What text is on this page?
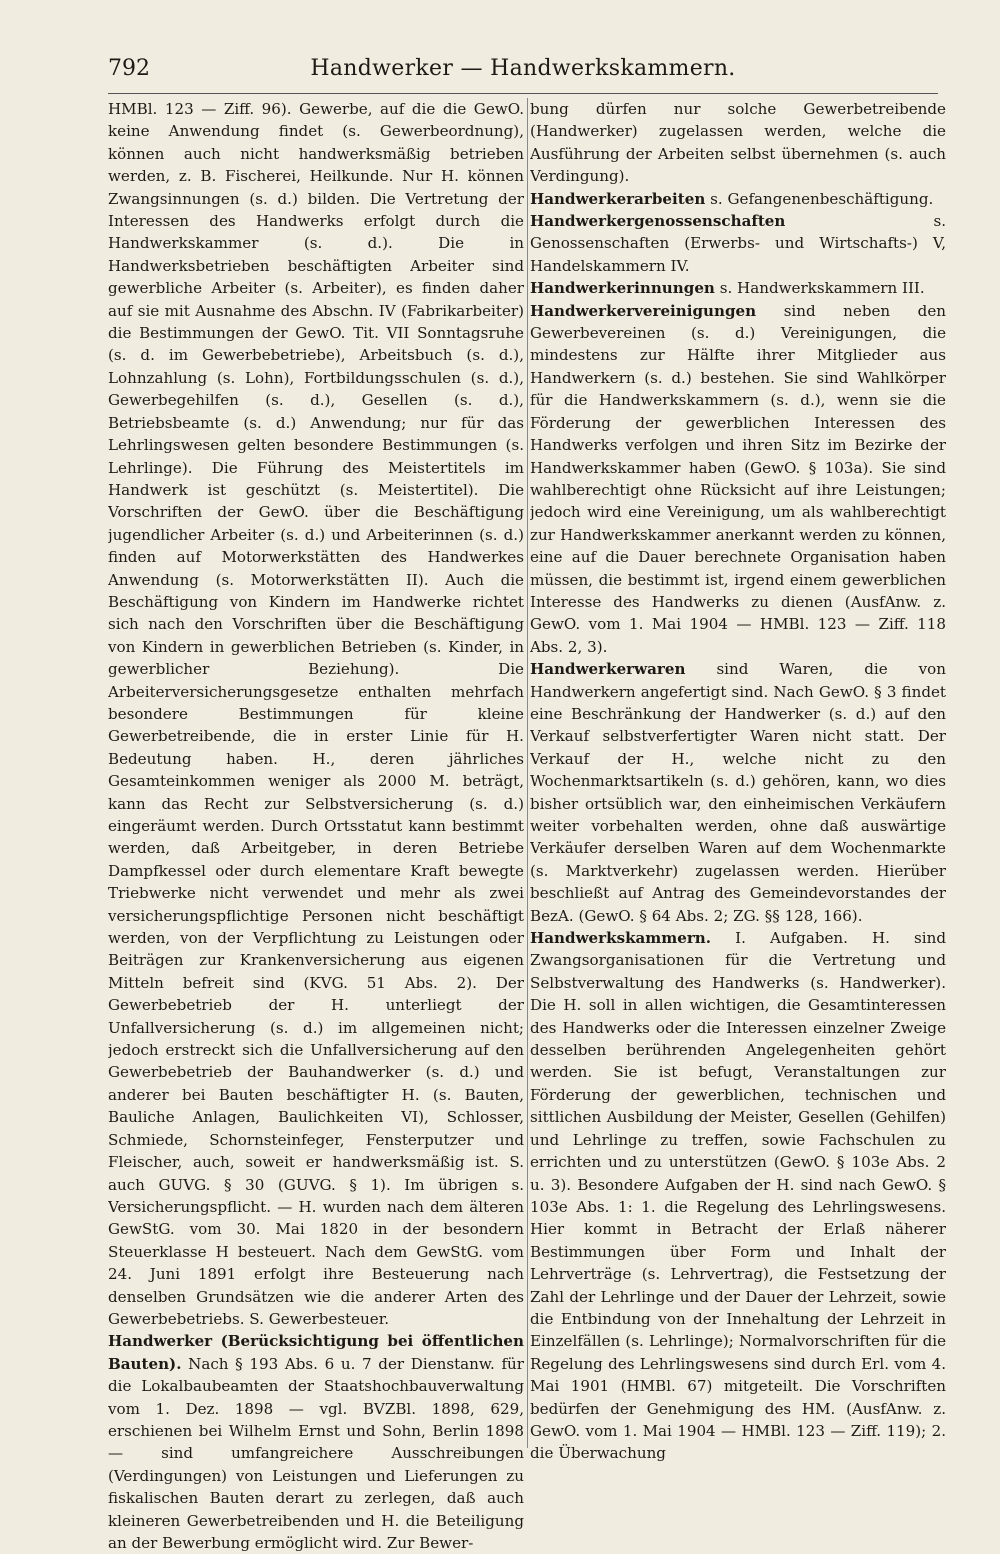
792	Handwerker — Handwerkskammern.

HMBl. 123 — Ziff. 96). Gewerbe, auf die die GewO. keine Anwendung findet (s. Gewerbeordnung), können auch nicht handwerksmäßig betrieben werden, z. B. Fischerei, Heilkunde. Nur H. können Zwangsinnungen (s. d.) bilden. Die Vertretung der Interessen des Handwerks erfolgt durch die Handwerkskammer (s. d.). Die in Handwerksbetrieben beschäftigten Arbeiter sind gewerbliche Arbeiter (s. Arbeiter), es finden daher auf sie mit Ausnahme des Abschn. IV (Fabrikarbeiter) die Bestimmungen der GewO. Tit. VII Sonntagsruhe (s. d. im Gewerbebetriebe), Arbeitsbuch (s. d.), Lohnzahlung (s. Lohn), Fortbildungsschulen (s. d.), Gewerbegehilfen (s. d.), Gesellen (s. d.), Betriebsbeamte (s. d.) Anwendung; nur für das Lehrlingswesen gelten besondere Bestimmungen (s. Lehrlinge). Die Führung des Meistertitels im Handwerk ist geschützt (s. Meistertitel). Die Vorschriften der GewO. über die Beschäftigung jugendlicher Arbeiter (s. d.) und Arbeiterinnen (s. d.) finden auf Motorwerkstätten des Handwerkes Anwendung (s. Motorwerkstätten II). Auch die Beschäftigung von Kindern im Handwerke richtet sich nach den Vorschriften über die Beschäftigung von Kindern in gewerblichen Betrieben (s. Kinder, in gewerblicher Beziehung). Die Arbeiterversicherungsgesetze enthalten mehrfach besondere Bestimmungen für kleine Gewerbetreibende, die in erster Linie für H. Bedeutung haben. H., deren jährliches Gesamteinkommen weniger als 2000 M. beträgt, kann das Recht zur Selbstversicherung (s. d.) eingeräumt werden. Durch Ortsstatut kann bestimmt werden, daß Arbeitgeber, in deren Betriebe Dampfkessel oder durch elementare Kraft bewegte Triebwerke nicht verwendet und mehr als zwei versicherungspflichtige Personen nicht beschäftigt werden, von der Verpflichtung zu Leistungen oder Beiträgen zur Krankenversicherung aus eigenen Mitteln befreit sind (KVG. 51 Abs. 2). Der Gewerbebetrieb der H. unterliegt der Unfallversicherung (s. d.) im allgemeinen nicht; jedoch erstreckt sich die Unfallversicherung auf den Gewerbebetrieb der Bauhandwerker (s. d.) und anderer bei Bauten beschäftigter H. (s. Bauten, Bauliche Anlagen, Baulichkeiten VI), Schlosser, Schmiede, Schornsteinfeger, Fensterputzer und Fleischer, auch, soweit er handwerksmäßig ist. S. auch GUVG. § 30 (GUVG. § 1). Im übrigen s. Versicherungspflicht. — H. wurden nach dem älteren GewStG. vom 30. Mai 1820 in der besondern Steuerklasse H besteuert. Nach dem GewStG. vom 24. Juni 1891 erfolgt ihre Besteuerung nach denselben Grundsätzen wie die anderer Arten des Gewerbebetriebs. S. Gewerbesteuer.

Handwerker (Berücksichtigung bei öffentlichen Bauten). Nach § 193 Abs. 6 u. 7 der Dienstanw. für die Lokalbaubeamten der Staatshochbauverwaltung vom 1. Dez. 1898 — vgl. BVZBl. 1898, 629, erschienen bei Wilhelm Ernst und Sohn, Berlin 1898 — sind umfangreichere Ausschreibungen (Verdingungen) von Leistungen und Lieferungen zu fiskalischen Bauten derart zu zerlegen, daß auch kleineren Gewerbetreibenden und H. die Beteiligung an der Bewerbung ermöglicht wird. Zur Bewer-

bung dürfen nur solche Gewerbetreibende (Handwerker) zugelassen werden, welche die Ausführung der Arbeiten selbst übernehmen (s. auch Verdingung).

Handwerkerarbeiten s. Gefangenenbeschäftigung.

Handwerkergenossenschaften	s. Genossenschaften (Erwerbs- und Wirtschafts-) V, Handelskammern IV.

Handwerkerinnungen s. Handwerkskammern III.

Handwerkervereinigungen sind neben den Gewerbevereinen (s. d.) Vereinigungen, die mindestens zur Hälfte ihrer Mitglieder aus Handwerkern (s. d.) bestehen. Sie sind Wahlkörper für die Handwerkskammern (s. d.), wenn sie die Förderung der gewerblichen Interessen des Handwerks verfolgen und ihren Sitz im Bezirke der Handwerkskammer haben (GewO. § 103a). Sie sind wahlberechtigt ohne Rücksicht auf ihre Leistungen; jedoch wird eine Vereinigung, um als wahlberechtigt zur Handwerkskammer anerkannt werden zu können, eine auf die Dauer berechnete Organisation haben müssen, die bestimmt ist, irgend einem gewerblichen Interesse des Handwerks zu dienen (AusfAnw. z. GewO. vom 1. Mai 1904 — HMBl. 123 — Ziff. 118 Abs. 2, 3).

Handwerkerwaren sind Waren, die von Handwerkern angefertigt sind. Nach GewO. § 3 findet eine Beschränkung der Handwerker (s. d.) auf den Verkauf selbstverfertigter Waren nicht statt. Der Verkauf der H., welche nicht zu den Wochenmarktsartikeln (s. d.) gehören, kann, wo dies bisher ortsüblich war, den einheimischen Verkäufern weiter vorbehalten werden, ohne daß auswärtige Verkäufer derselben Waren auf dem Wochenmarkte (s. Marktverkehr) zugelassen werden. Hierüber beschließt auf Antrag des Gemeindevorstandes der BezA. (GewO. § 64 Abs. 2; ZG. §§ 128, 166).

Handwerkskammern. I. Aufgaben. H. sind Zwangsorganisationen für die Vertretung und Selbstverwaltung des Handwerks (s. Handwerker). Die H. soll in allen wichtigen, die Gesamtinteressen des Handwerks oder die Interessen einzelner Zweige desselben berührenden Angelegenheiten gehört werden. Sie ist befugt, Veranstaltungen zur Förderung der gewerblichen, technischen und sittlichen Ausbildung der Meister, Gesellen (Gehilfen) und Lehrlinge zu treffen, sowie Fachschulen zu errichten und zu unterstützen (GewO. § 103e Abs. 2 u. 3). Besondere Aufgaben der H. sind nach GewO. § 103e Abs. 1: 1. die Regelung des Lehrlingswesens. Hier kommt in Betracht der Erlaß näherer Bestimmungen über Form und Inhalt der Lehrverträge (s. Lehrvertrag), die Festsetzung der Zahl der Lehrlinge und der Dauer der Lehrzeit, sowie die Entbindung von der Innehaltung der Lehrzeit in Einzelfällen (s. Lehrlinge); Normalvorschriften für die Regelung des Lehrlingswesens sind durch Erl. vom 4. Mai 1901 (HMBl. 67) mitgeteilt. Die Vorschriften bedürfen der Genehmigung des HM. (AusfAnw. z. GewO. vom 1. Mai 1904 — HMBl. 123 — Ziff. 119); 2. die Überwachung
